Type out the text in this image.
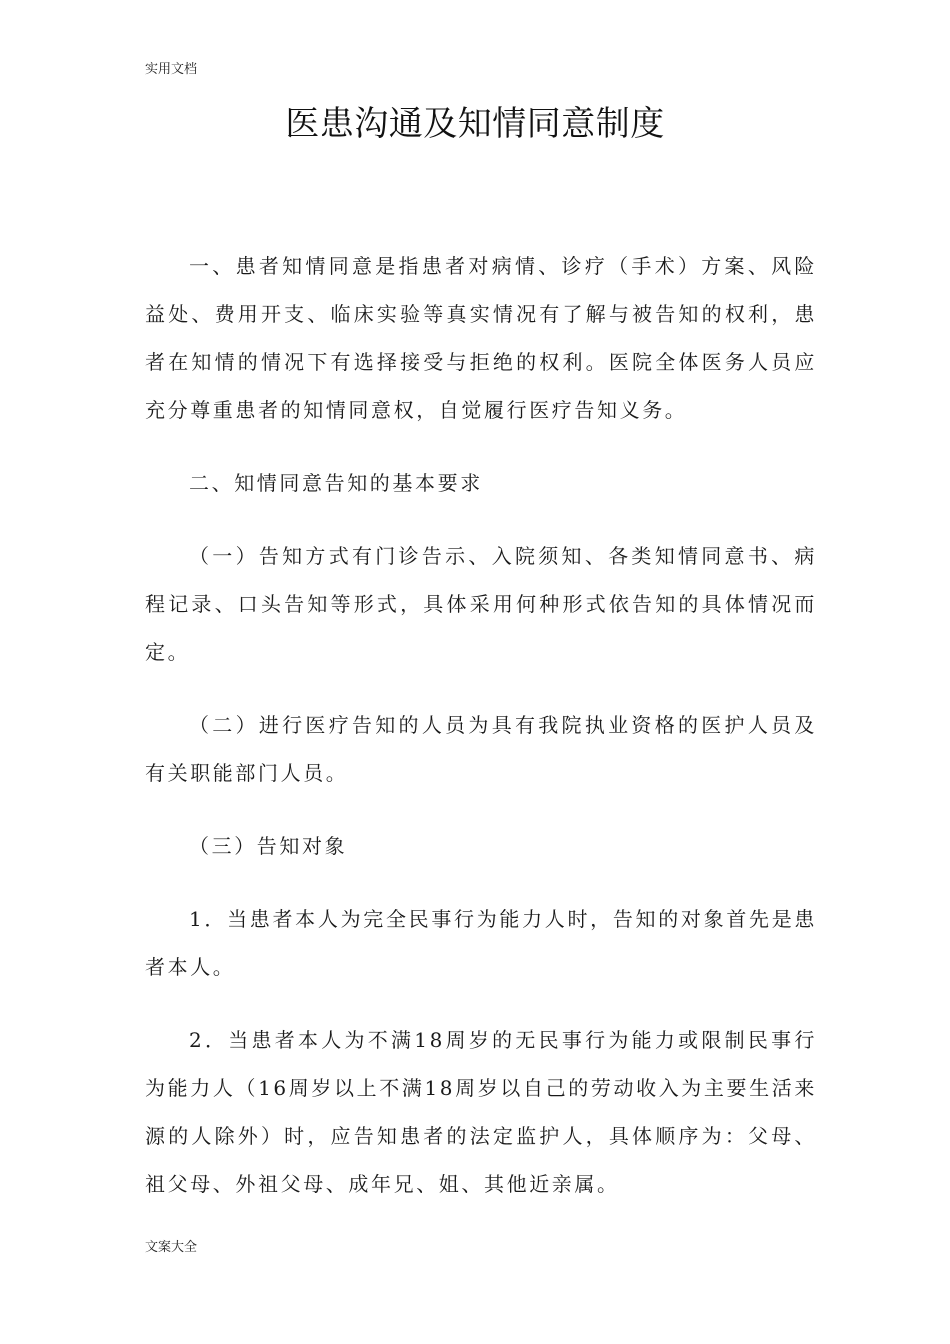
实用文档
医患沟通及知情同意制度

一、患者知情同意是指患者对病情、诊疗（手术）方案、风险益处、费用开支、临床实验等真实情况有了解与被告知的权利，患者在知情的情况下有选择接受与拒绝的权利。医院全体医务人员应充分尊重患者的知情同意权，自觉履行医疗告知义务。

二、知情同意告知的基本要求

（一）告知方式有门诊告示、入院须知、各类知情同意书、病程记录、口头告知等形式，具体采用何种形式依告知的具体情况而定。

（二）进行医疗告知的人员为具有我院执业资格的医护人员及有关职能部门人员。

（三）告知对象

1．当患者本人为完全民事行为能力人时，告知的对象首先是患者本人。

2．当患者本人为不满18周岁的无民事行为能力或限制民事行为能力人（16周岁以上不满18周岁以自己的劳动收入为主要生活来源的人除外）时，应告知患者的法定监护人，具体顺序为：父母、祖父母、外祖父母、成年兄、姐、其他近亲属。

文案大全
